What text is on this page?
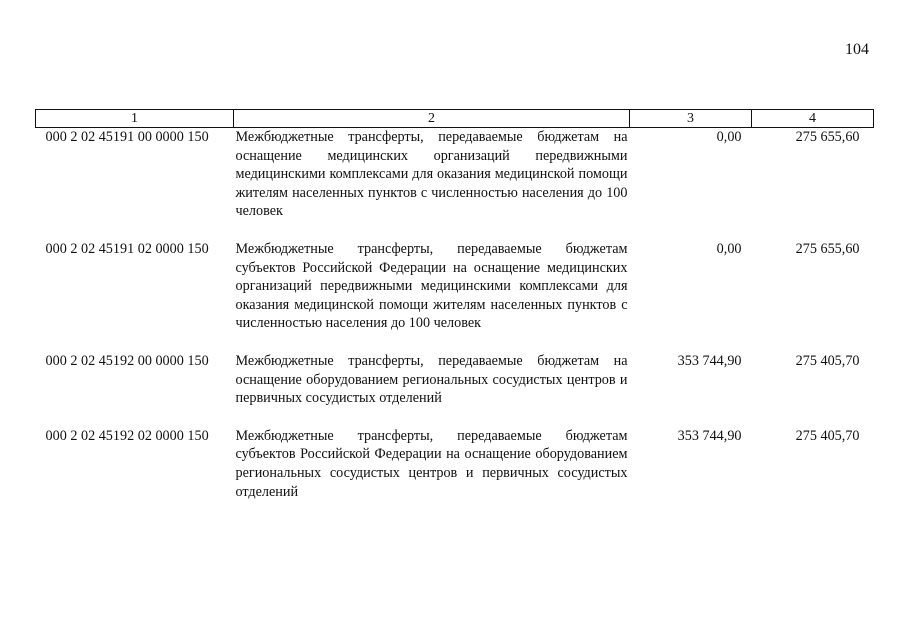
104
1	2	3	4
000 2 02 45191 00 0000 150	Межбюджетные трансферты, передаваемые бюджетам на оснащение медицинских организаций передвижными медицинскими комплексами для оказания медицинской помощи жителям населенных пунктов с численностью населения до 100 человек	0,00	275 655,60
000 2 02 45191 02 0000 150	Межбюджетные трансферты, передаваемые бюджетам субъектов Российской Федерации на оснащение медицинских организаций передвижными медицинскими комплексами для оказания медицинской помощи жителям населенных пунктов с численностью населения до 100 человек	0,00	275 655,60
000 2 02 45192 00 0000 150	Межбюджетные трансферты, передаваемые бюджетам на оснащение оборудованием региональных сосудистых центров и первичных сосудистых отделений	353 744,90	275 405,70
000 2 02 45192 02 0000 150	Межбюджетные трансферты, передаваемые бюджетам субъектов Российской Федерации на оснащение оборудованием региональных сосудистых центров и первичных сосудистых отделений	353 744,90	275 405,70
